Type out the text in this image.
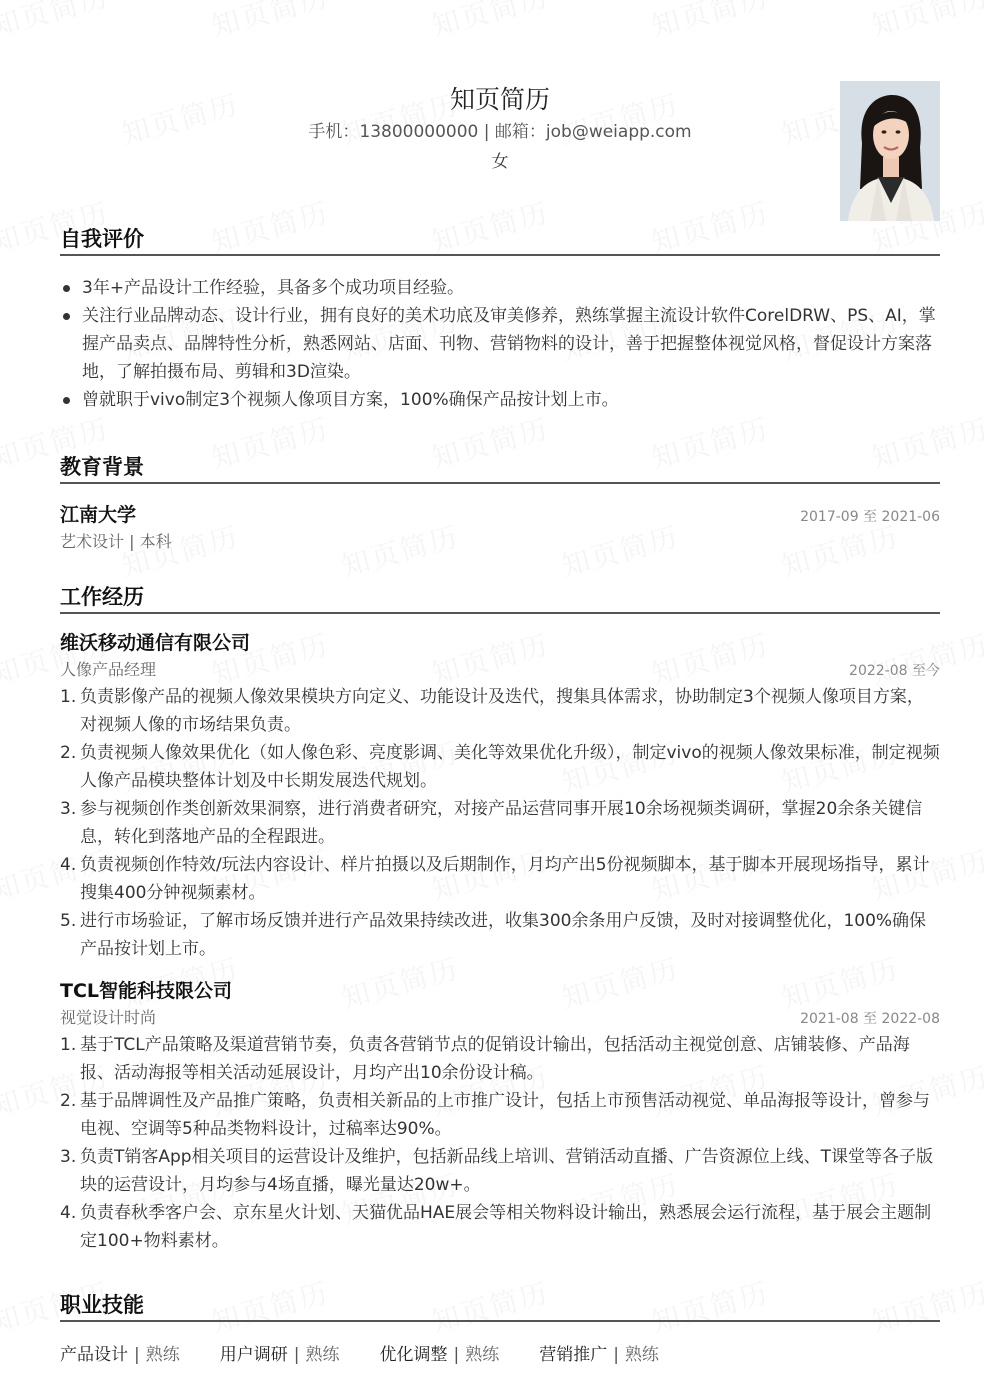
知页简历
手机：13800000000 | 邮箱：job@weiapp.com
女
自我评价
3年+产品设计工作经验，具备多个成功项目经验。
关注行业品牌动态、设计行业，拥有良好的美术功底及审美修养，熟练掌握主流设计软件CorelDRW、PS、AI，掌握产品卖点、品牌特性分析，熟悉网站、店面、刊物、营销物料的设计，善于把握整体视觉风格，督促设计方案落地，了解拍摄布局、剪辑和3D渲染。
曾就职于vivo制定3个视频人像项目方案，100%确保产品按计划上市。
教育背景
江南大学	2017-09 至 2021-06
艺术设计 | 本科
工作经历
维沃移动通信有限公司
人像产品经理	2022-08 至今
1. 负责影像产品的视频人像效果模块方向定义、功能设计及迭代，搜集具体需求，协助制定3个视频人像项目方案，对视频人像的市场结果负责。
2. 负责视频人像效果优化（如人像色彩、亮度影调、美化等效果优化升级），制定vivo的视频人像效果标准，制定视频人像产品模块整体计划及中长期发展迭代规划。
3. 参与视频创作类创新效果洞察，进行消费者研究，对接产品运营同事开展10余场视频类调研，掌握20余条关键信息，转化到落地产品的全程跟进。
4. 负责视频创作特效/玩法内容设计、样片拍摄以及后期制作，月均产出5份视频脚本，基于脚本开展现场指导，累计搜集400分钟视频素材。
5. 进行市场验证，了解市场反馈并进行产品效果持续改进，收集300余条用户反馈，及时对接调整优化，100%确保产品按计划上市。
TCL智能科技限公司
视觉设计时尚	2021-08 至 2022-08
1. 基于TCL产品策略及渠道营销节奏，负责各营销节点的促销设计输出，包括活动主视觉创意、店铺装修、产品海报、活动海报等相关活动延展设计，月均产出10余份设计稿。
2. 基于品牌调性及产品推广策略，负责相关新品的上市推广设计，包括上市预售活动视觉、单品海报等设计，曾参与电视、空调等5种品类物料设计，过稿率达90%。
3. 负责T销客App相关项目的运营设计及维护，包括新品线上培训、营销活动直播、广告资源位上线、T课堂等各子版块的运营设计，月均参与4场直播，曝光量达20w+。
4. 负责春秋季客户会、京东星火计划、天猫优品HAE展会等相关物料设计输出，熟悉展会运行流程，基于展会主题制定100+物料素材。
职业技能
产品设计 | 熟练 用户调研 | 熟练 优化调整 | 熟练 营销推广 | 熟练
